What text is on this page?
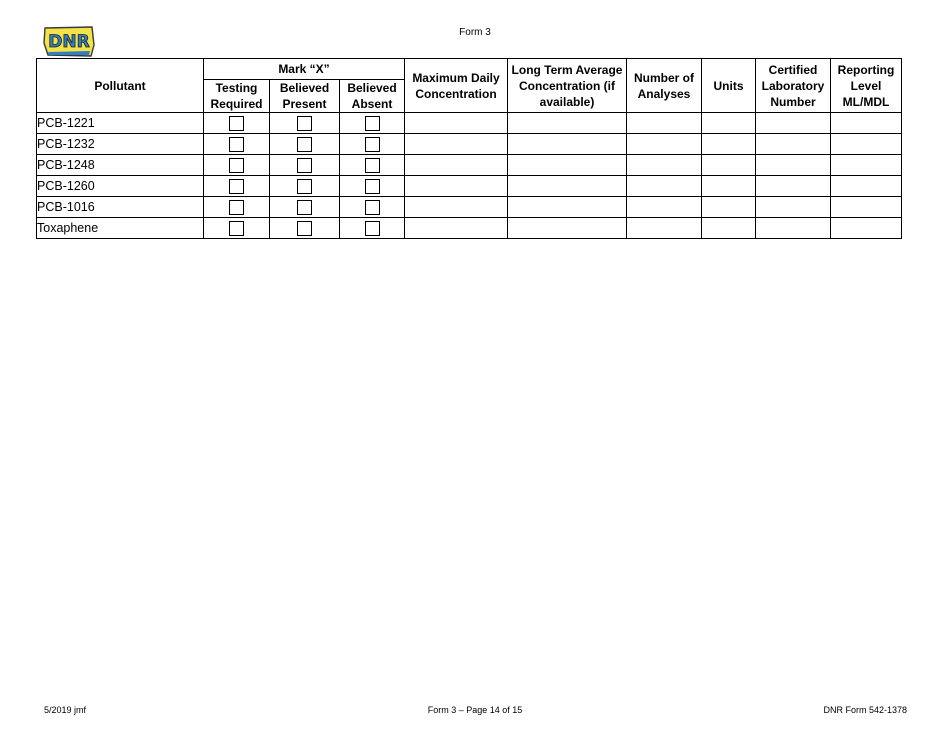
DNR	Form 3
Pollutant	Mark “X”			Maximum Daily Concentration	Long Term Average Concentration (if available)	Number of Analyses	Units	Certified Laboratory Number	Reporting Level ML/MDL
	Testing Required	Believed Present	Believed Absent						
PCB-1221									
PCB-1232									
PCB-1248									
PCB-1260									
PCB-1016									
Toxaphene									
5/2019 jmf	Form 3 – Page 14 of 15	DNR Form 542-1378
